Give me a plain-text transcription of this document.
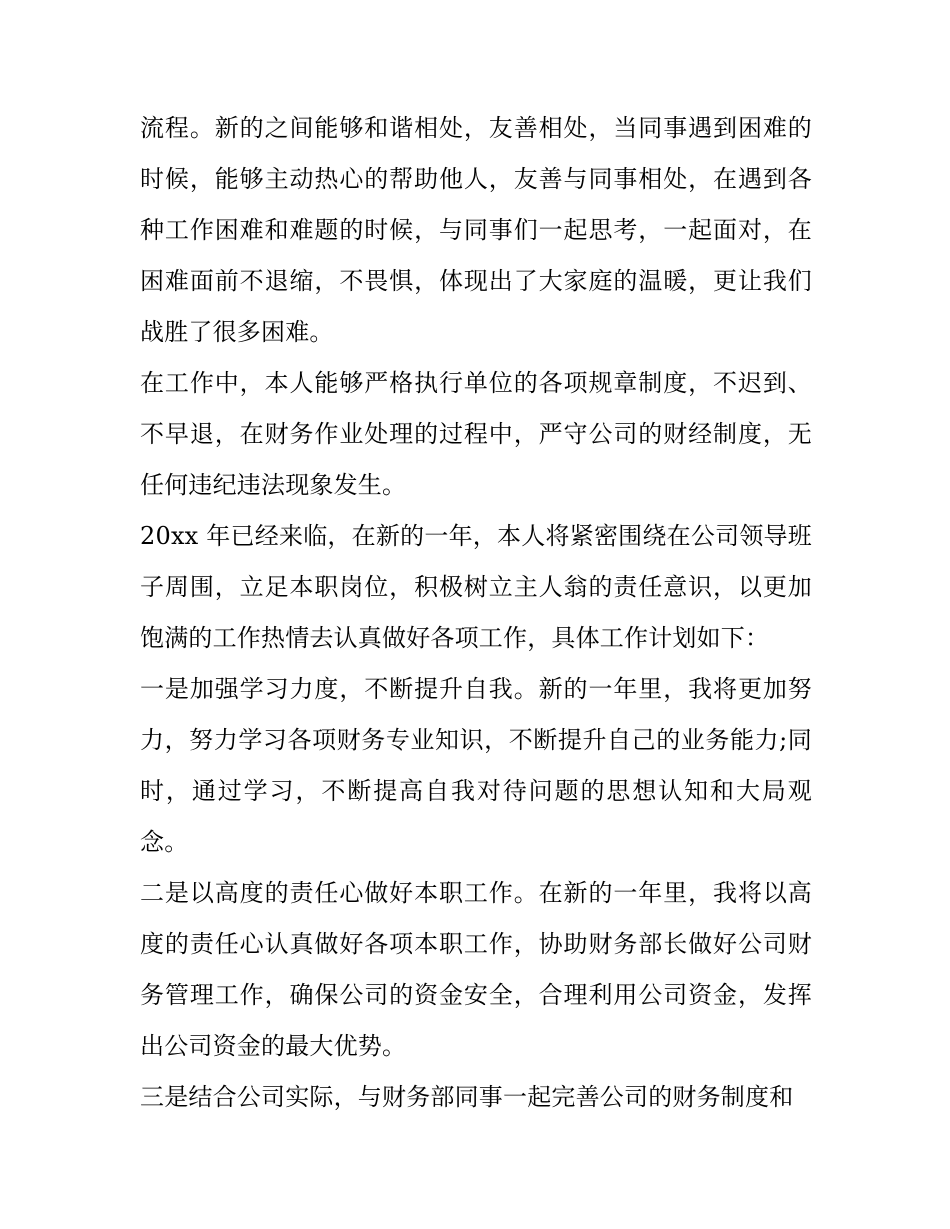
流程。新的之间能够和谐相处，友善相处，当同事遇到困难的时候，能够主动热心的帮助他人，友善与同事相处，在遇到各种工作困难和难题的时候，与同事们一起思考，一起面对，在困难面前不退缩，不畏惧，体现出了大家庭的温暖，更让我们战胜了很多困难。

在工作中，本人能够严格执行单位的各项规章制度，不迟到、不早退，在财务作业处理的过程中，严守公司的财经制度，无任何违纪违法现象发生。

20xx 年已经来临，在新的一年，本人将紧密围绕在公司领导班子周围，立足本职岗位，积极树立主人翁的责任意识，以更加饱满的工作热情去认真做好各项工作，具体工作计划如下：

一是加强学习力度，不断提升自我。新的一年里，我将更加努力，努力学习各项财务专业知识，不断提升自己的业务能力;同时，通过学习，不断提高自我对待问题的思想认知和大局观念。

二是以高度的责任心做好本职工作。在新的一年里，我将以高度的责任心认真做好各项本职工作，协助财务部长做好公司财务管理工作，确保公司的资金安全，合理利用公司资金，发挥出公司资金的最大优势。

三是结合公司实际，与财务部同事一起完善公司的财务制度和
